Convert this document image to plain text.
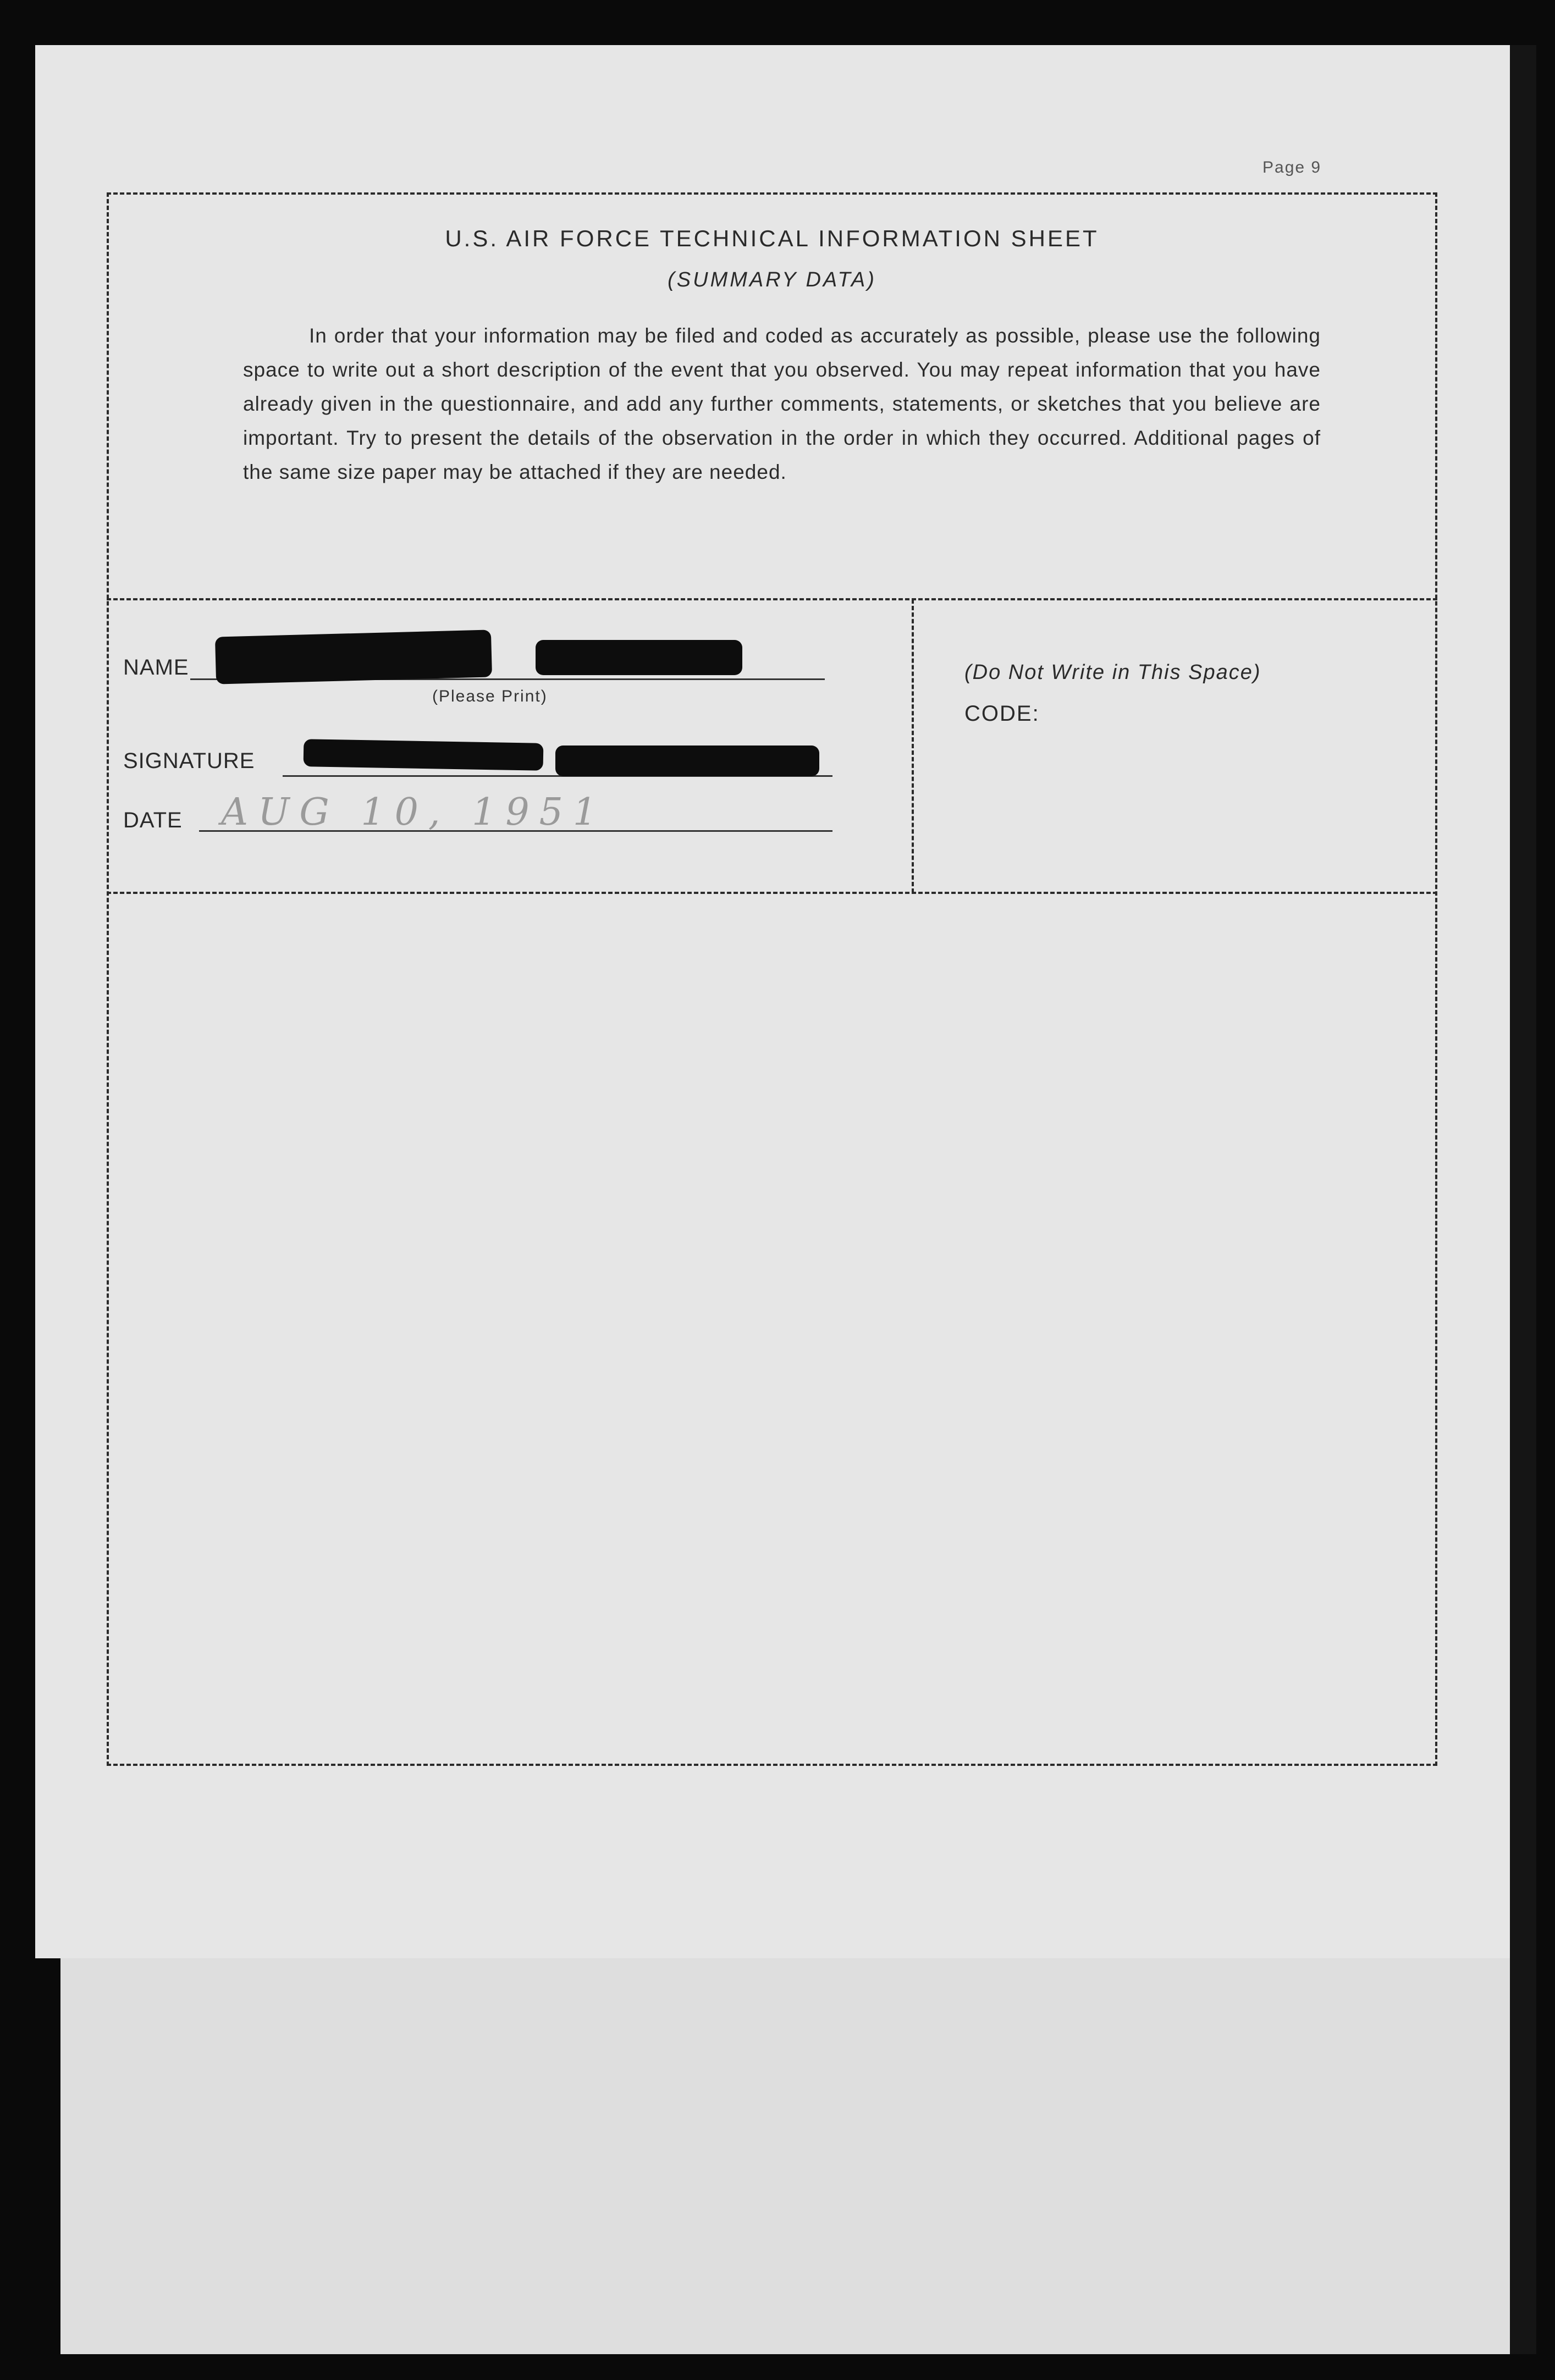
Page 9
U.S. AIR FORCE TECHNICAL INFORMATION SHEET
(SUMMARY DATA)
In order that your information may be filed and coded as accurately as possible, please use the following space to write out a short description of the event that you observed. You may repeat information that you have already given in the questionnaire, and add any further comments, statements, or sketches that you believe are important. Try to present the details of the observation in the order in which they occurred. Additional pages of the same size paper may be attached if they are needed.
NAME
(Please Print)
SIGNATURE
DATE AUG 10, 1951
(Do Not Write in This Space)
CODE:
